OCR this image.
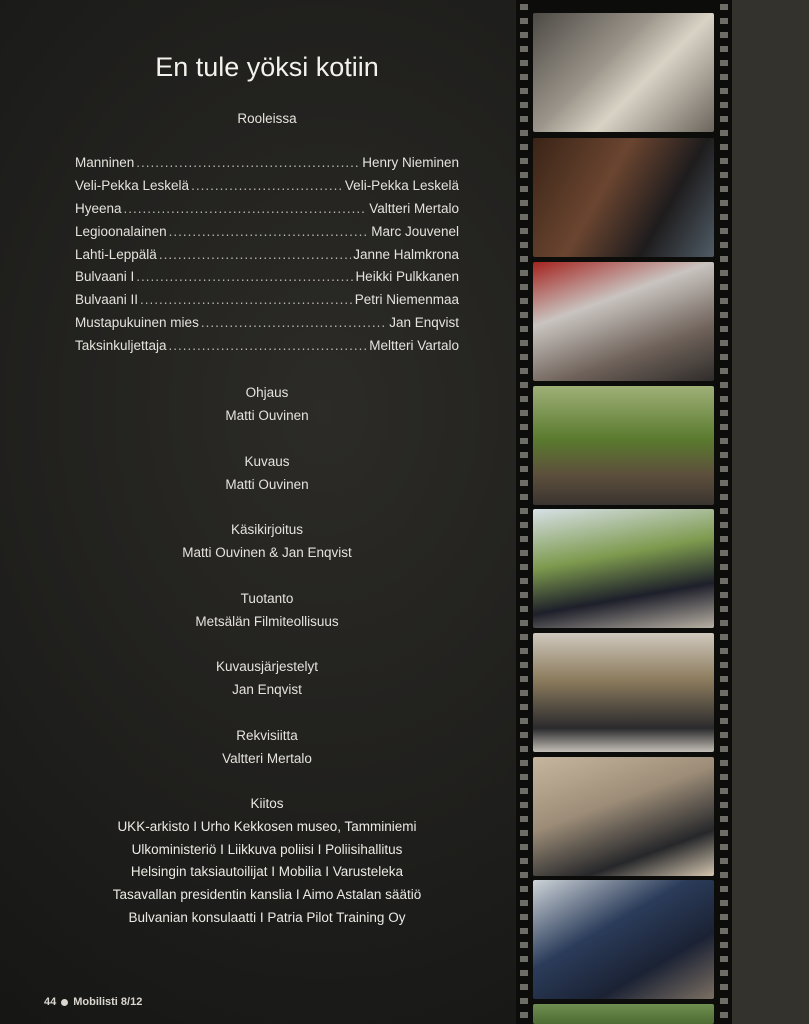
En tule yöksi kotiin
Rooleissa
Manninen .....	Henry Nieminen
Veli-Pekka Leskelä .....	Veli-Pekka Leskelä
Hyeena .....	Valtteri Mertalo
Legioonalainen .....	Marc Jouvenel
Lahti-Leppälä .....	Janne Halmkrona
Bulvaani I .....	Heikki Pulkkanen
Bulvaani II .....	Petri Niemenmaa
Mustapukuinen mies .....	Jan Enqvist
Taksinkuljettaja .....	Meltteri Vartalo
Ohjaus
Matti Ouvinen
Kuvaus
Matti Ouvinen
Käsikirjoitus
Matti Ouvinen & Jan Enqvist
Tuotanto
Metsälän Filmiteollisuus
Kuvausjärjestelyt
Jan Enqvist
Rekvisiitta
Valtteri Mertalo
Kiitos
UKK-arkisto I Urho Kekkosen museo, Tamminiemi
Ulkoministeriö I Liikkuva poliisi I Poliisihallitus
Helsingin taksiautoilijat I Mobilia I Varusteleka
Tasavallan presidentin kanslia I Aimo Astalan säätiö
Bulvanian konsulaatti I Patria Pilot Training Oy
44 Mobilisti 8/12
